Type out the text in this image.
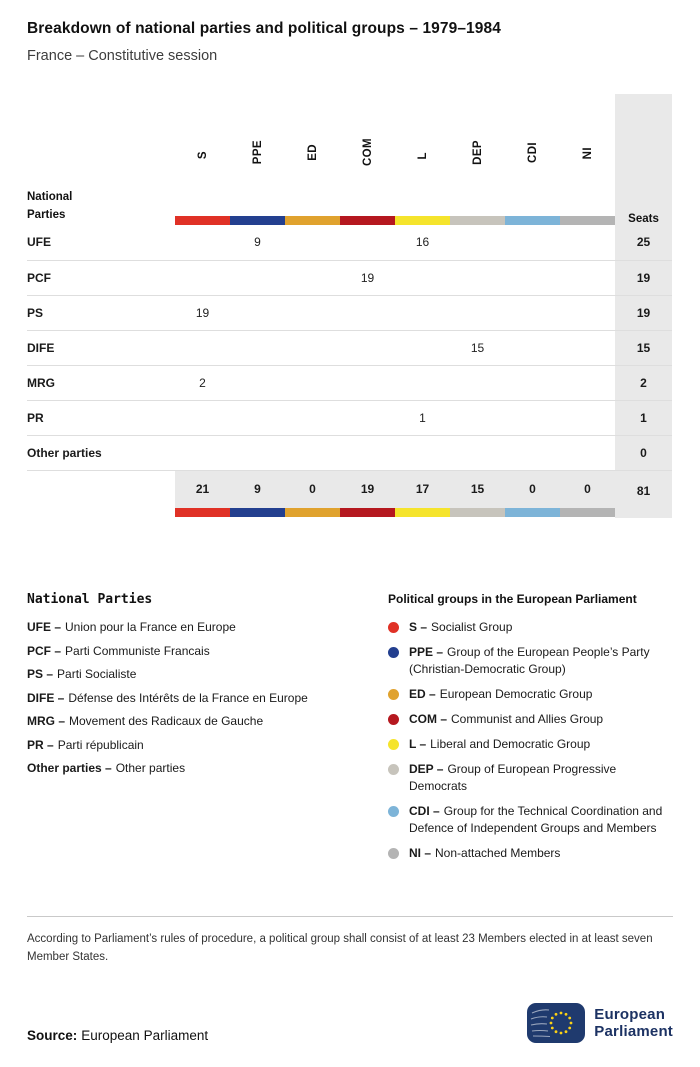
Breakdown of national parties and political groups – 1979–1984
France – Constitutive session
National
Parties	S	PPE	ED	COM	L	DEP	CDI	NI	Seats

UFE		9			16				25
PCF				19					19
PS	19								19
DIFE						15			15
MRG	2								2
PR					1				1
Other parties									0

	21	9	0	19	17	15	0	0	81
National Parties
UFE – Union pour la France en Europe
PCF – Parti Communiste Francais
PS – Parti Socialiste
DIFE – Défense des Intérêts de la France en Europe
MRG – Movement des Radicaux de Gauche
PR – Parti républicain
Other parties – Other parties
Political groups in the European Parliament
S – Socialist Group
PPE – Group of the European People’s Party (Christian-Democratic Group)
ED – European Democratic Group
COM – Communist and Allies Group
L – Liberal and Democratic Group
DEP – Group of European Progressive Democrats
CDI – Group for the Technical Coordination and Defence of Independent Groups and Members
NI – Non-attached Members
According to Parliament’s rules of procedure, a political group shall consist of at least 23 Members elected in at least seven Member States.
Source: European Parliament
European
Parliament
